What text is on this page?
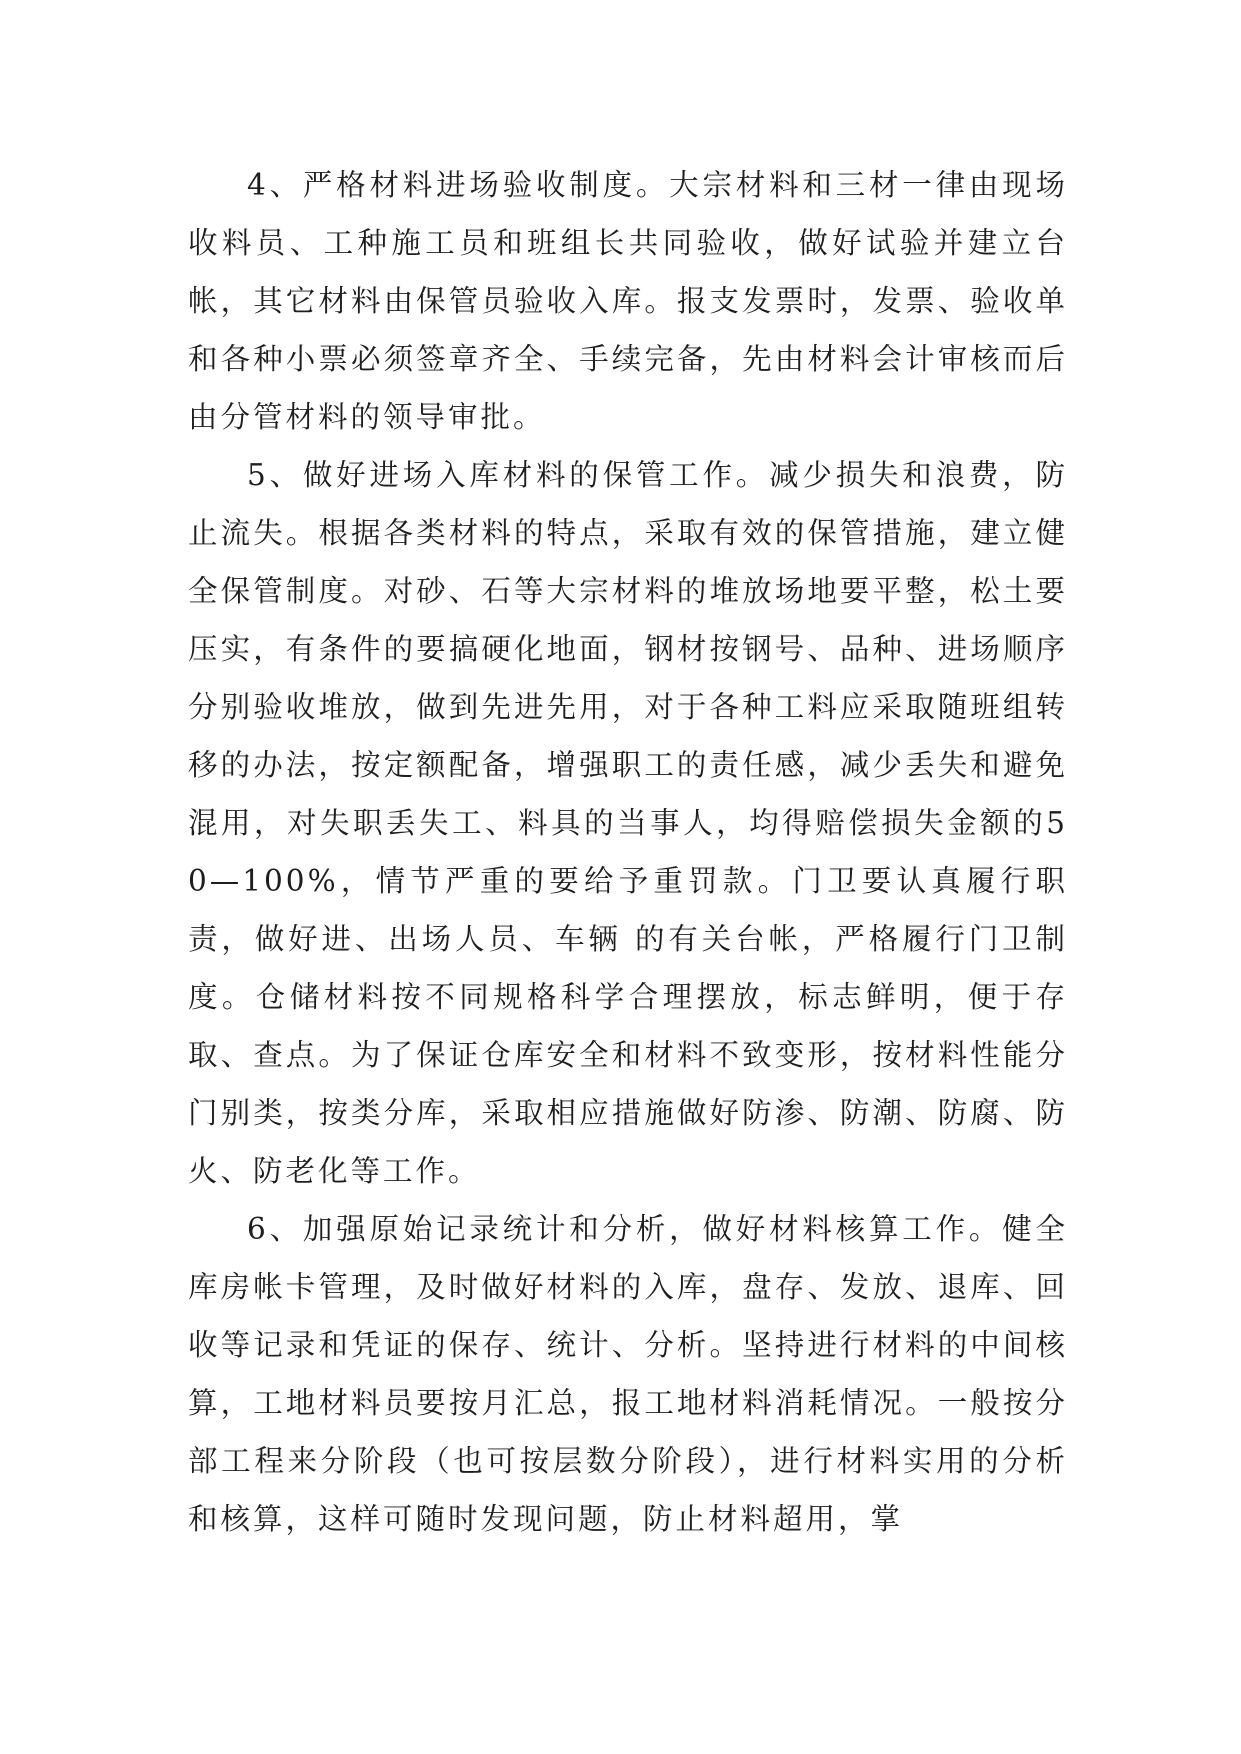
4、严格材料进场验收制度。大宗材料和三材一律由现场收料员、工种施工员和班组长共同验收，做好试验并建立台帐，其它材料由保管员验收入库。报支发票时，发票、验收单和各种小票必须签章齐全、手续完备，先由材料会计审核而后由分管材料的领导审批。

5、做好进场入库材料的保管工作。减少损失和浪费，防止流失。根据各类材料的特点，采取有效的保管措施，建立健全保管制度。对砂、石等大宗材料的堆放场地要平整，松土要压实，有条件的要搞硬化地面，钢材按钢号、品种、进场顺序分别验收堆放，做到先进先用，对于各种工料应采取随班组转移的办法，按定额配备，增强职工的责任感，减少丢失和避免混用，对失职丢失工、料具的当事人，均得赔偿损失金额的50—100%，情节严重的要给予重罚款。门卫要认真履行职责，做好进、出场人员、车辆 的有关台帐，严格履行门卫制度。仓储材料按不同规格科学合理摆放，标志鲜明，便于存取、查点。为了保证仓库安全和材料不致变形，按材料性能分门别类，按类分库，采取相应措施做好防渗、防潮、防腐、防火、防老化等工作。

6、加强原始记录统计和分析，做好材料核算工作。健全库房帐卡管理，及时做好材料的入库，盘存、发放、退库、回收等记录和凭证的保存、统计、分析。坚持进行材料的中间核算，工地材料员要按月汇总，报工地材料消耗情况。一般按分部工程来分阶段（也可按层数分阶段），进行材料实用的分析和核算，这样可随时发现问题，防止材料超用，掌
